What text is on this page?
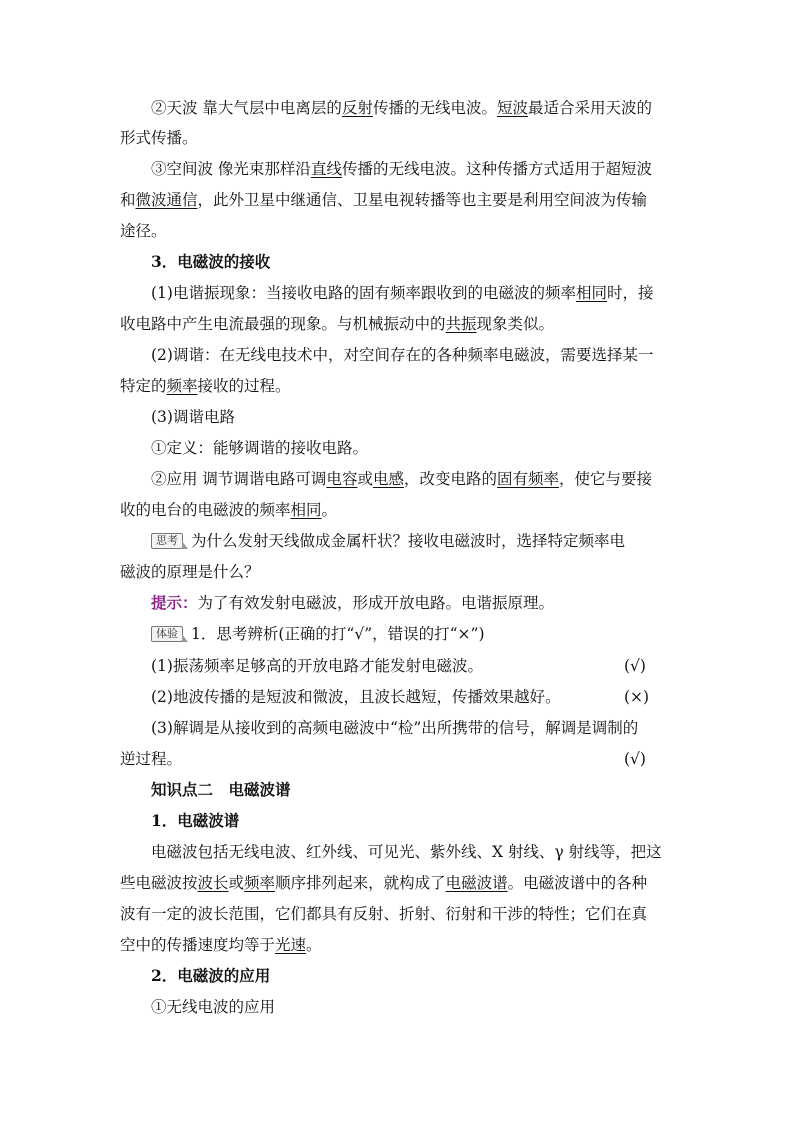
②天波 靠大气层中电离层的反射传播的无线电波。短波最适合采用天波的
形式传播。
③空间波 像光束那样沿直线传播的无线电波。这种传播方式适用于超短波
和微波通信，此外卫星中继通信、卫星电视转播等也主要是利用空间波为传输
途径。
3．电磁波的接收
(1)电谐振现象：当接收电路的固有频率跟收到的电磁波的频率相同时，接
收电路中产生电流最强的现象。与机械振动中的共振现象类似。
(2)调谐：在无线电技术中，对空间存在的各种频率电磁波，需要选择某一
特定的频率接收的过程。
(3)调谐电路
①定义：能够调谐的接收电路。
②应用 调节调谐电路可调电容或电感，改变电路的固有频率，使它与要接
收的电台的电磁波的频率相同。
思考 为什么发射天线做成金属杆状？接收电磁波时，选择特定频率电
磁波的原理是什么？
提示：为了有效发射电磁波，形成开放电路。电谐振原理。
体验 1．思考辨析(正确的打“√”，错误的打“×”)
(1)振荡频率足够高的开放电路才能发射电磁波。	(√)
(2)地波传播的是短波和微波，且波长越短，传播效果越好。	(×)
(3)解调是从接收到的高频电磁波中“检”出所携带的信号，解调是调制的
逆过程。	(√)
知识点二　电磁波谱
1．电磁波谱
电磁波包括无线电波、红外线、可见光、紫外线、X 射线、γ 射线等，把这
些电磁波按波长或频率顺序排列起来，就构成了电磁波谱。电磁波谱中的各种
波有一定的波长范围，它们都具有反射、折射、衍射和干涉的特性；它们在真
空中的传播速度均等于光速。
2．电磁波的应用
①无线电波的应用
